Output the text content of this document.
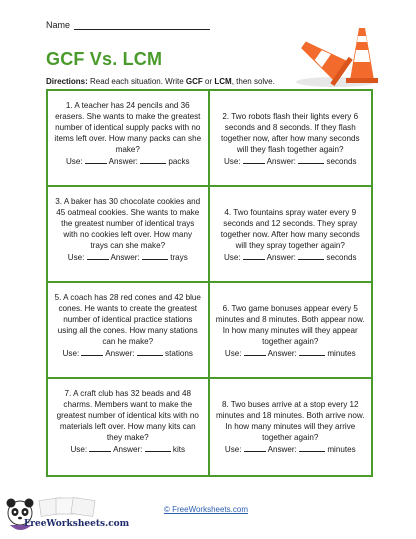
Name
GCF Vs. LCM
Directions: Read each situation. Write GCF or LCM, then solve.
1. A teacher has 24 pencils and 36 erasers. She wants to make the greatest number of identical supply packs with no items left over. How many packs can she make?
Use:	Answer:	packs
2. Two robots flash their lights every 6 seconds and 8 seconds. If they flash together now, after how many seconds will they flash together again?
Use:	Answer:	seconds
3. A baker has 30 chocolate cookies and 45 oatmeal cookies. She wants to make the greatest number of identical trays with no cookies left over. How many trays can she make?
Use:	Answer:	trays
4. Two fountains spray water every 9 seconds and 12 seconds. They spray together now. After how many seconds will they spray together again?
Use:	Answer:	seconds
5. A coach has 28 red cones and 42 blue cones. He wants to create the greatest number of identical practice stations using all the cones. How many stations can he make?
Use:	Answer:	stations
6. Two game bonuses appear every 5 minutes and 8 minutes. Both appear now. In how many minutes will they appear together again?
Use:	Answer:	minutes
7. A craft club has 32 beads and 48 charms. Members want to make the greatest number of identical kits with no materials left over. How many kits can they make?
Use:	Answer:	kits
8. Two buses arrive at a stop every 12 minutes and 18 minutes. Both arrive now. In how many minutes will they arrive together again?
Use:	Answer:	minutes
FreeWorksheets.com
© FreeWorksheets.com
